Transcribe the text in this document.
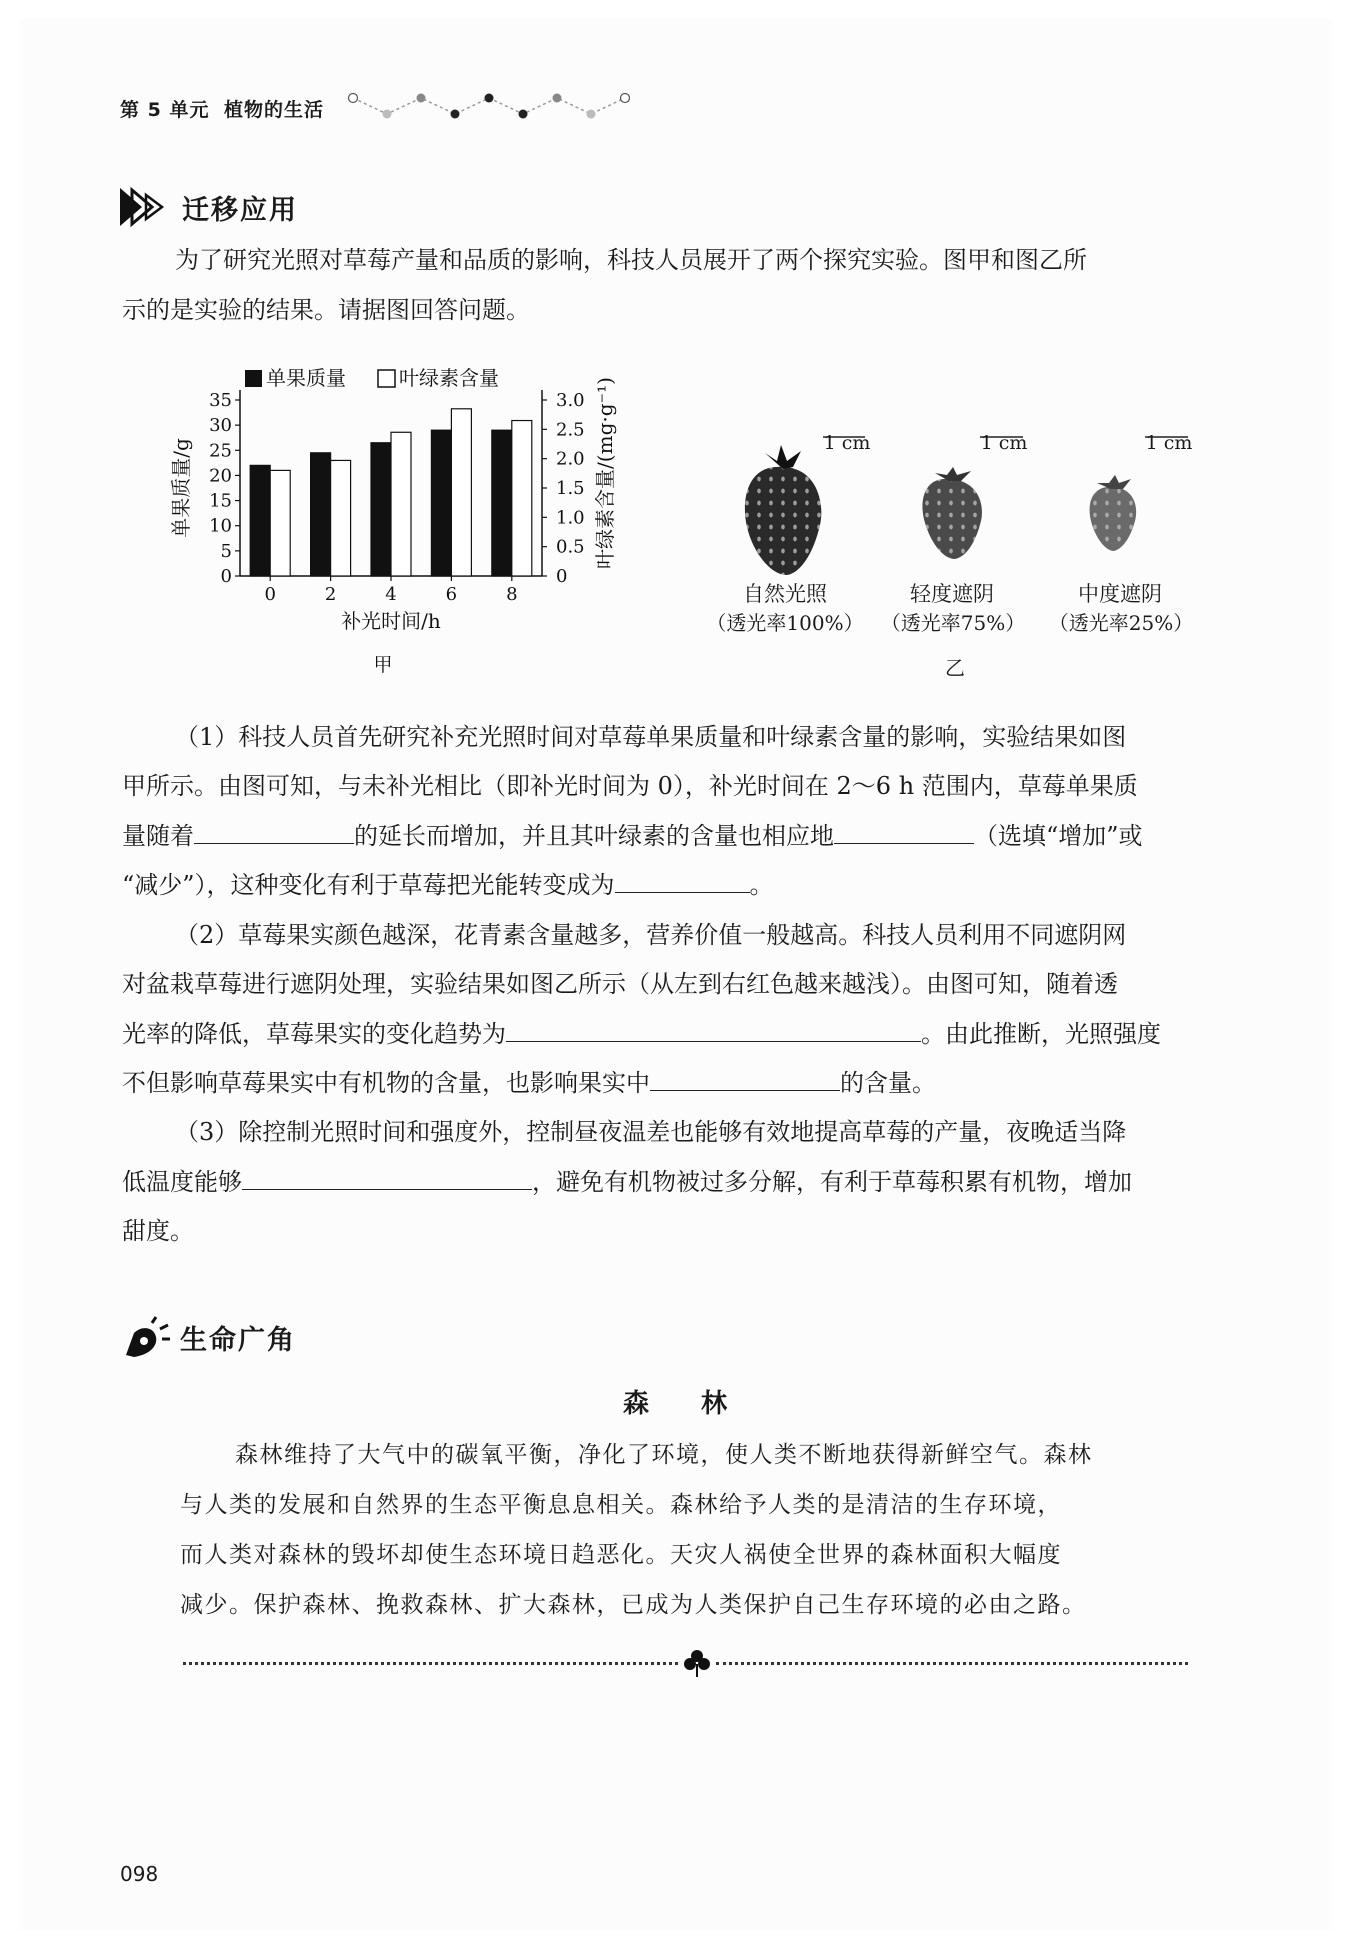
第 5 单元 植物的生活
迁移应用
为了研究光照对草莓产量和品质的影响，科技人员展开了两个探究实验。图甲和图乙所
示的是实验的结果。请据图回答问题。
0
5
10
15
20
25
30
35
0
0.5
1.0
1.5
2.0
2.5
3.0
0	2	4	6	8
补光时间/h
甲
单果质量/g	叶绿素含量/(mg·g⁻¹)
单果质量	叶绿素含量
1 cm	1 cm	1 cm
自然光照
（透光率100%）
轻度遮阴
（透光率75%）
中度遮阴
（透光率25%）
乙
（1）科技人员首先研究补充光照时间对草莓单果质量和叶绿素含量的影响，实验结果如图
甲所示。由图可知，与未补光相比（即补光时间为 0），补光时间在 2～6 h 范围内，草莓单果质
量随着	的延长而增加，并且其叶绿素的含量也相应地	（选填“增加”或
“减少”），这种变化有利于草莓把光能转变成为	。
（2）草莓果实颜色越深，花青素含量越多，营养价值一般越高。科技人员利用不同遮阴网
对盆栽草莓进行遮阴处理，实验结果如图乙所示（从左到右红色越来越浅）。由图可知，随着透
光率的降低，草莓果实的变化趋势为	。由此推断，光照强度
不但影响草莓果实中有机物的含量，也影响果实中	的含量。
（3）除控制光照时间和强度外，控制昼夜温差也能够有效地提高草莓的产量，夜晚适当降
低温度能够	，避免有机物被过多分解，有利于草莓积累有机物，增加
甜度。
生命广角
森　　林
森林维持了大气中的碳氧平衡，净化了环境，使人类不断地获得新鲜空气。森林
与人类的发展和自然界的生态平衡息息相关。森林给予人类的是清洁的生存环境，
而人类对森林的毁坏却使生态环境日趋恶化。天灾人祸使全世界的森林面积大幅度
减少。保护森林、挽救森林、扩大森林，已成为人类保护自己生存环境的必由之路。
098
